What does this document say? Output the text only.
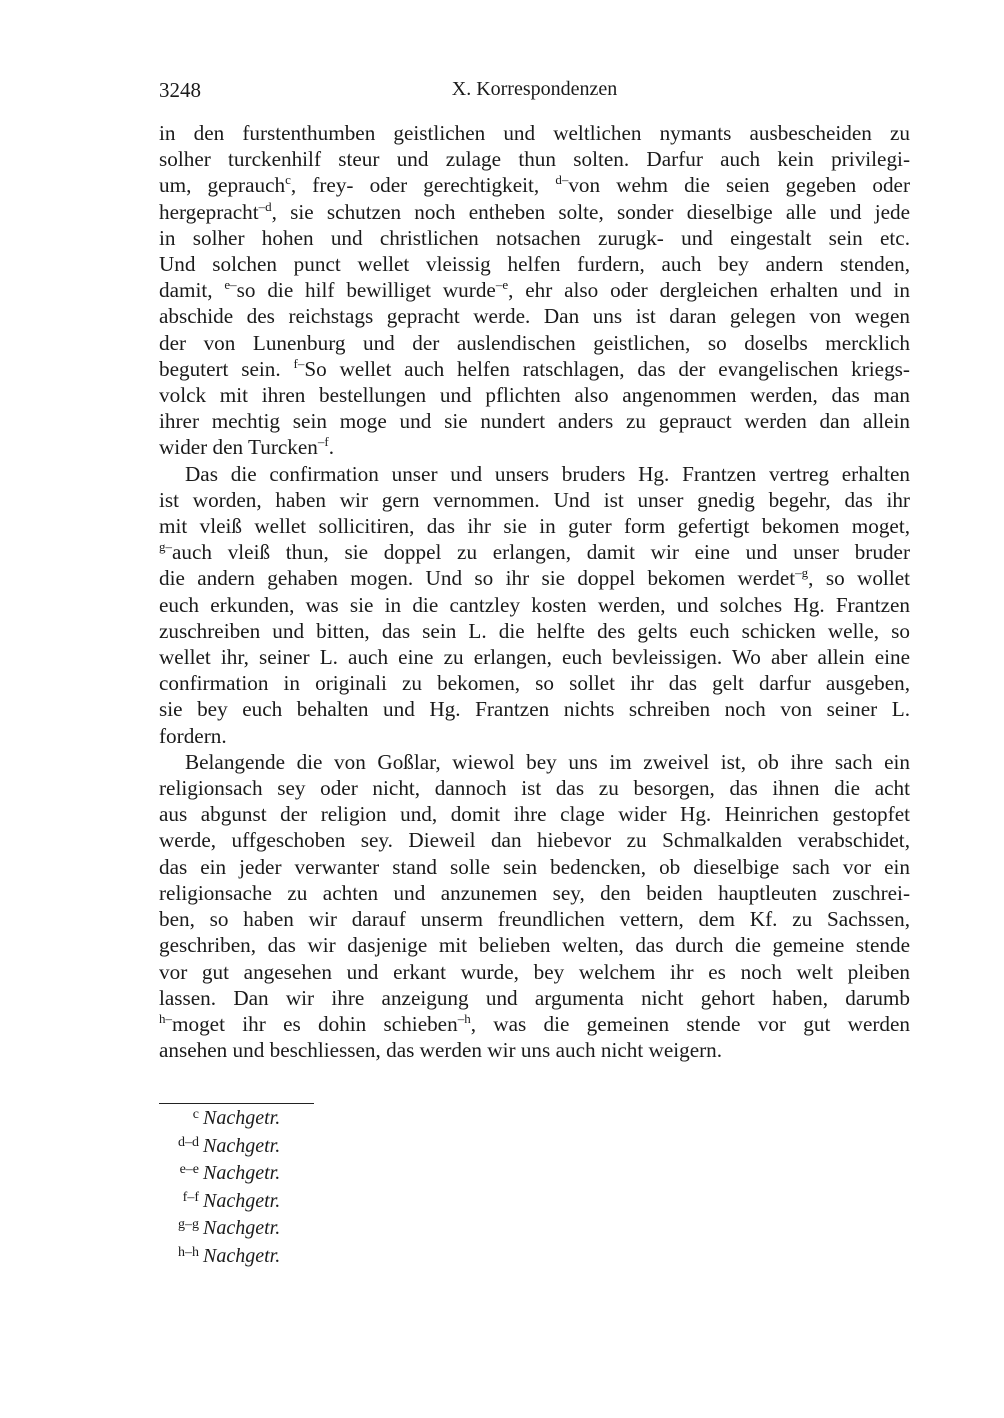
3248	X. Korrespondenzen
in den furstenthumben geistlichen und weltlichen nymants ausbescheiden zu
solher turckenhilf steur und zulage thun solten. Darfur auch kein privilegi-
um, geprauch$^c$, frey- oder gerechtigkeit, $^{d-}$von wehm die seien gegeben oder
hergepracht$^{-d}$, sie schutzen noch entheben solte, sonder dieselbige alle und jede
in solher hohen und christlichen notsachen zurugk- und eingestalt sein etc.
Und solchen punct wellet vleissig helfen furdern, auch bey andern stenden,
damit, $^{e-}$so die hilf bewilliget wurde$^{-e}$, ehr also oder dergleichen erhalten und in
abschide des reichstags gepracht werde. Dan uns ist daran gelegen von wegen
der von Lunenburg und der auslendischen geistlichen, so doselbs mercklich
begutert sein. $^{f-}$So wellet auch helfen ratschlagen, das der evangelischen kriegs-
volck mit ihren bestellungen und pflichten also angenommen werden, das man
ihrer mechtig sein moge und sie nundert anders zu geprauct werden dan allein
wider den Turcken$^{-f}$.
Das die confirmation unser und unsers bruders Hg. Frantzen vertreg erhalten
ist worden, haben wir gern vernommen. Und ist unser gnedig begehr, das ihr
mit vleiß wellet sollicitiren, das ihr sie in guter form gefertigt bekomen moget,
$^{g-}$auch vleiß thun, sie doppel zu erlangen, damit wir eine und unser bruder
die andern gehaben mogen. Und so ihr sie doppel bekomen werdet$^{-g}$, so wollet
euch erkunden, was sie in die cantzley kosten werden, und solches Hg. Frantzen
zuschreiben und bitten, das sein L. die helfte des gelts euch schicken welle, so
wellet ihr, seiner L. auch eine zu erlangen, euch bevleissigen. Wo aber allein eine
confirmation in originali zu bekomen, so sollet ihr das gelt darfur ausgeben,
sie bey euch behalten und Hg. Frantzen nichts schreiben noch von seiner L.
fordern.
Belangende die von Goßlar, wiewol bey uns im zweivel ist, ob ihre sach ein
religionsach sey oder nicht, dannoch ist das zu besorgen, das ihnen die acht
aus abgunst der religion und, domit ihre clage wider Hg. Heinrichen gestopfet
werde, uffgeschoben sey. Dieweil dan hiebevor zu Schmalkalden verabschidet,
das ein jeder verwanter stand solle sein bedencken, ob dieselbige sach vor ein
religionsache zu achten und anzunemen sey, den beiden hauptleuten zuschrei-
ben, so haben wir darauf unserm freundlichen vettern, dem Kf. zu Sachssen,
geschriben, das wir dasjenige mit belieben welten, das durch die gemeine stende
vor gut angesehen und erkant wurde, bey welchem ihr es noch welt pleiben
lassen. Dan wir ihre anzeigung und argumenta nicht gehort haben, darumb
$^{h-}$moget ihr es dohin schieben$^{-h}$, was die gemeinen stende vor gut werden
ansehen und beschliessen, das werden wir uns auch nicht weigern.
c Nachgetr.
d–d Nachgetr.
e–e Nachgetr.
f–f Nachgetr.
g–g Nachgetr.
h–h Nachgetr.
